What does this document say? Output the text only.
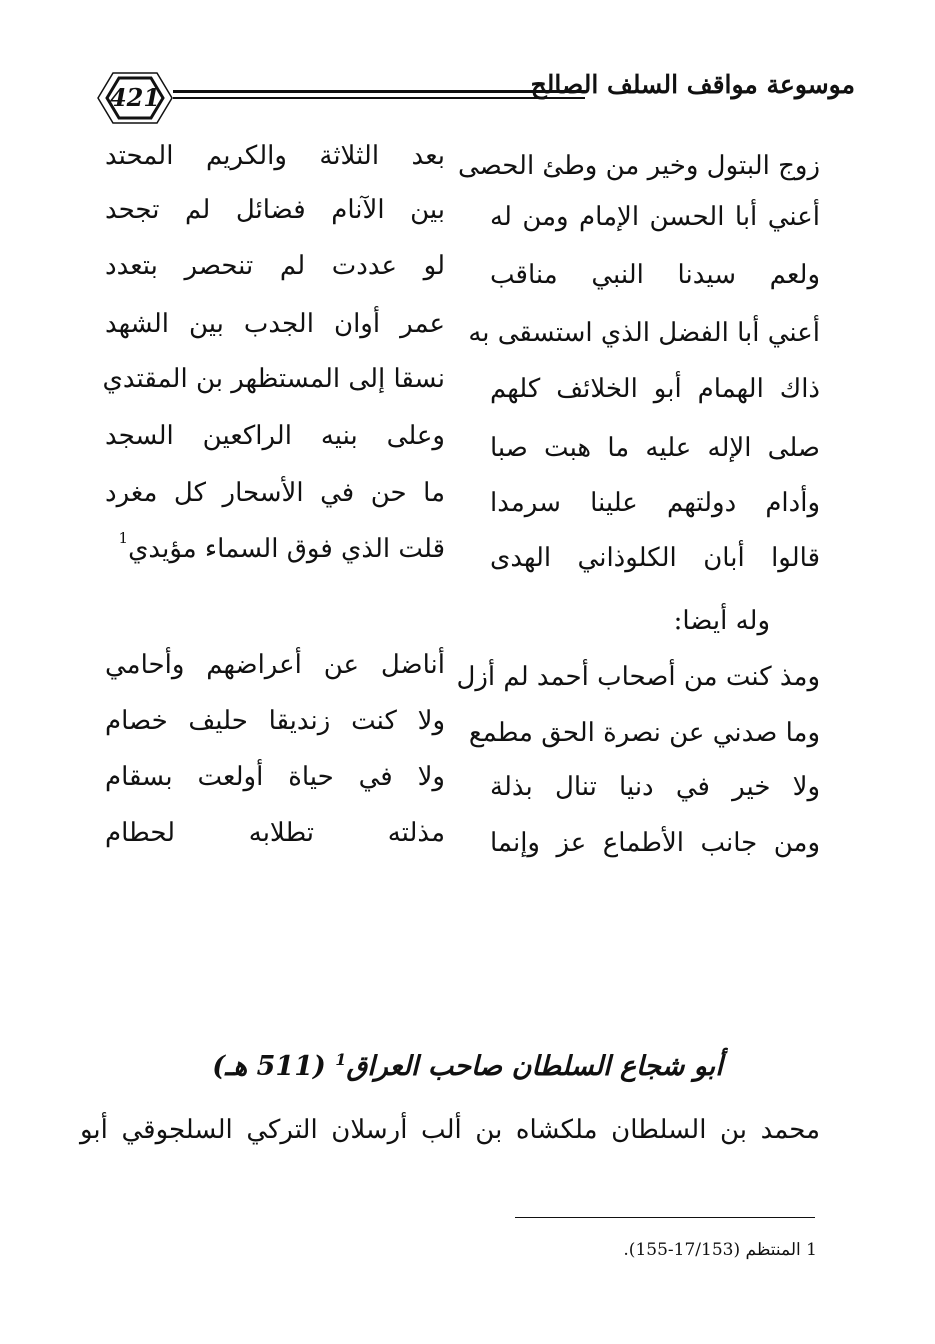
421	موسوعة مواقف السلف الصالح
زوج البتول وخير من وطئ الحصى
بعد الثلاثة والكريم المحتد
أعني أبا الحسن الإمام ومن له
بين الآنام فضائل لم تجحد
ولعم سيدنا النبي مناقب
لو عددت لم تنحصر بتعدد
أعني أبا الفضل الذي استسقى به
عمر أوان الجدب بين الشهد
ذاك الهمام أبو الخلائف كلهم
نسقا إلى المستظهر بن المقتدي
صلى الإله عليه ما هبت صبا
وعلى بنيه الراكعين السجد
وأدام دولتهم علينا سرمدا
ما حن في الأسحار كل مغرد
قالوا أبان الكلوذاني الهدى
قلت الذي فوق السماء مؤيدي$^1$
وله أيضا:
ومذ كنت من أصحاب أحمد لم أزل
أناضل عن أعراضهم وأحامي
وما صدني عن نصرة الحق مطمع
ولا كنت زنديقا حليف خصام
ولا خير في دنيا تنال بذلة
ولا في حياة أولعت بسقام
ومن جانب الأطماع عز وإنما
مذلته تطلابه لحطام
أبو شجاع السلطان صاحب العراق$^1$ (511 هـ)
محمد بن السلطان ملكشاه بن ألب أرسلان التركي السلجوقي أبو
1 المنتظم (17/153-155).
